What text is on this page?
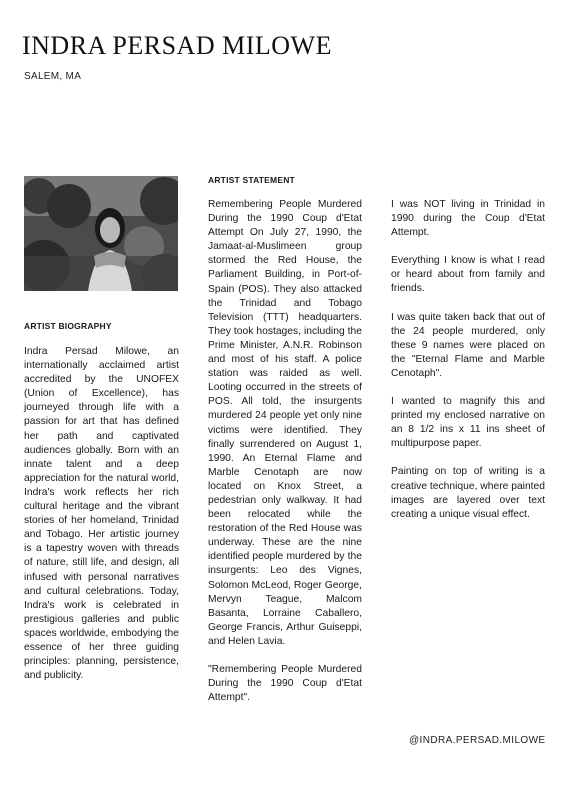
INDRA PERSAD MILOWE
SALEM, MA
ARTIST BIOGRAPHY
Indra Persad Milowe, an internationally acclaimed artist accredited by the UNOFEX (Union of Excellence), has journeyed through life with a passion for art that has defined her path and captivated audiences globally. Born with an innate talent and a deep appreciation for the natural world, Indra's work reflects her rich cultural heritage and the vibrant stories of her homeland, Trinidad and Tobago. Her artistic journey is a tapestry woven with threads of nature, still life, and design, all infused with personal narratives and cultural celebrations. Today, Indra's work is celebrated in prestigious galleries and public spaces worldwide, embodying the essence of her three guiding principles: planning, persistence, and publicity.
ARTIST STATEMENT

Remembering People Murdered During the 1990 Coup d'Etat Attempt On July 27, 1990, the Jamaat-al-Muslimeen group stormed the Red House, the Parliament Building, in Port-of-Spain (POS). They also attacked the Trinidad and Tobago Television (TTT) headquarters. They took hostages, including the Prime Minister, A.N.R. Robinson and most of his staff. A police station was raided as well. Looting occurred in the streets of POS. All told, the insurgents murdered 24 people yet only nine victims were identified. They finally surrendered on August 1, 1990. An Eternal Flame and Marble Cenotaph are now located on Knox Street, a pedestrian only walkway. It had been relocated while the restoration of the Red House was underway. These are the nine identified people murdered by the insurgents: Leo des Vignes, Solomon McLeod, Roger George, Mervyn Teague, Malcom Basanta, Lorraine Caballero, George Francis, Arthur Guiseppi, and Helen Lavia.

"Remembering People Murdered During the 1990 Coup d'Etat Attempt".

I was NOT living in Trinidad in 1990 during the Coup d'Etat Attempt.

Everything I know is what I read or heard about from family and friends.

I was quite taken back that out of the 24 people murdered, only these 9 names were placed on the "Eternal Flame and Marble Cenotaph".

I wanted to magnify this and printed my enclosed narrative on an 8 1/2 ins x 11 ins sheet of multipurpose paper.

Painting on top of writing is a creative technique, where painted images are layered over text creating a unique visual effect.

@INDRA.PERSAD.MILOWE
